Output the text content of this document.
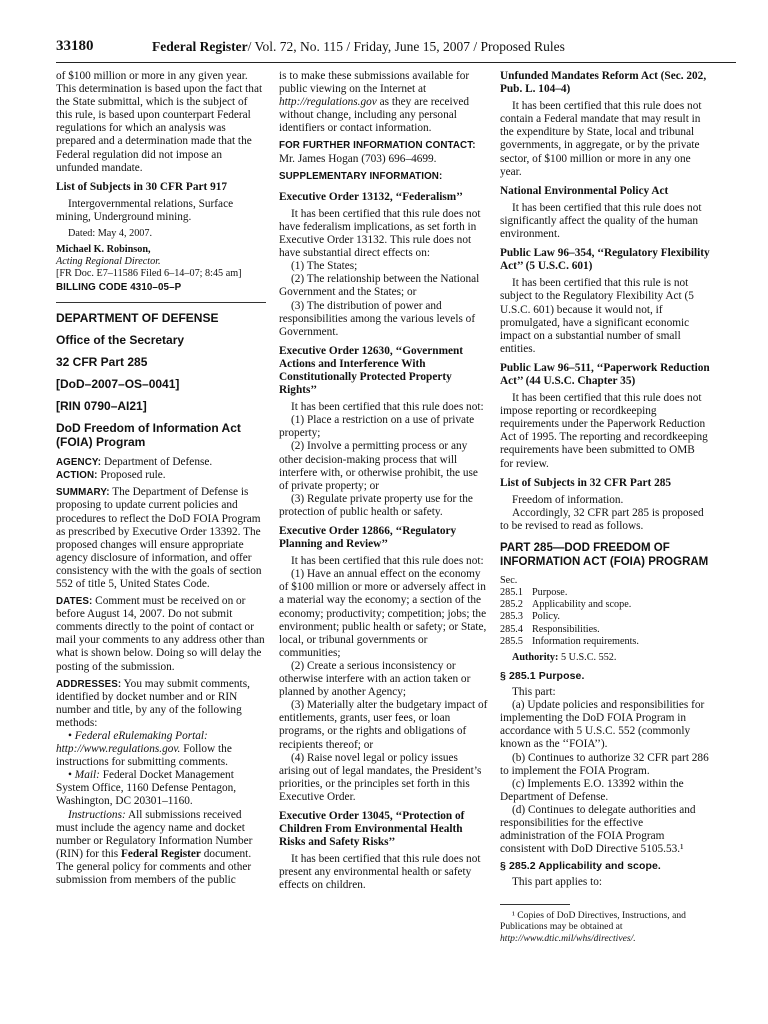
33180	Federal Register/ Vol. 72, No. 115 / Friday, June 15, 2007 / Proposed Rules

of $100 million or more in any given year. This determination is based upon the fact that the State submittal, which is the subject of this rule, is based upon counterpart Federal regulations for which an analysis was prepared and a determination made that the Federal regulation did not impose an unfunded mandate.

List of Subjects in 30 CFR Part 917

Intergovernmental relations, Surface mining, Underground mining.

Dated: May 4, 2007.

Michael K. Robinson,

Acting Regional Director.

[FR Doc. E7–11586 Filed 6–14–07; 8:45 am]

BILLING CODE 4310–05–P

DEPARTMENT OF DEFENSE

Office of the Secretary

32 CFR Part 285

[DoD–2007–OS–0041]

[RIN 0790–AI21]

DoD Freedom of Information Act (FOIA) Program

AGENCY: Department of Defense.

ACTION: Proposed rule.

SUMMARY: The Department of Defense is proposing to update current policies and procedures to reflect the DoD FOIA Program as prescribed by Executive Order 13392. The proposed changes will ensure appropriate agency disclosure of information, and offer consistency with the with the goals of section 552 of title 5, United States Code.

DATES: Comment must be received on or before August 14, 2007. Do not submit comments directly to the point of contact or mail your comments to any address other than what is shown below. Doing so will delay the posting of the submission.

ADDRESSES: You may submit comments, identified by docket number and or RIN number and title, by any of the following methods:

• Federal eRulemaking Portal: http://www.regulations.gov. Follow the instructions for submitting comments.

• Mail: Federal Docket Management System Office, 1160 Defense Pentagon, Washington, DC 20301–1160.

Instructions: All submissions received must include the agency name and docket number or Regulatory Information Number (RIN) for this Federal Register document. The general policy for comments and other submission from members of the public

is to make these submissions available for public viewing on the Internet at http://regulations.gov as they are received without change, including any personal identifiers or contact information.

FOR FURTHER INFORMATION CONTACT: Mr. James Hogan (703) 696–4699.

SUPPLEMENTARY INFORMATION:

Executive Order 13132, ‘‘Federalism’’

It has been certified that this rule does not have federalism implications, as set forth in Executive Order 13132. This rule does not have substantial direct effects on:

(1) The States;

(2) The relationship between the National Government and the States; or

(3) The distribution of power and responsibilities among the various levels of Government.

Executive Order 12630, ‘‘Government Actions and Interference With Constitutionally Protected Property Rights’’

It has been certified that this rule does not:

(1) Place a restriction on a use of private property;

(2) Involve a permitting process or any other decision-making process that will interfere with, or otherwise prohibit, the use of private property; or

(3) Regulate private property use for the protection of public health or safety.

Executive Order 12866, ‘‘Regulatory Planning and Review’’

It has been certified that this rule does not:

(1) Have an annual effect on the economy of $100 million or more or adversely affect in a material way the economy; a section of the economy; productivity; competition; jobs; the environment; public health or safety; or State, local, or tribunal governments or communities;

(2) Create a serious inconsistency or otherwise interfere with an action taken or planned by another Agency;

(3) Materially alter the budgetary impact of entitlements, grants, user fees, or loan programs, or the rights and obligations of recipients thereof; or

(4) Raise novel legal or policy issues arising out of legal mandates, the President’s priorities, or the principles set forth in this Executive Order.

Executive Order 13045, ‘‘Protection of Children From Environmental Health Risks and Safety Risks’’

It has been certified that this rule does not present any environmental health or safety effects on children.

Unfunded Mandates Reform Act (Sec. 202, Pub. L. 104–4)

It has been certified that this rule does not contain a Federal mandate that may result in the expenditure by State, local and tribunal governments, in aggregate, or by the private sector, of $100 million or more in any one year.

National Environmental Policy Act

It has been certified that this rule does not significantly affect the quality of the human environment.

Public Law 96–354, ‘‘Regulatory Flexibility Act’’ (5 U.S.C. 601)

It has been certified that this rule is not subject to the Regulatory Flexibility Act (5 U.S.C. 601) because it would not, if promulgated, have a significant economic impact on a substantial number of small entities.

Public Law 96–511, ‘‘Paperwork Reduction Act’’ (44 U.S.C. Chapter 35)

It has been certified that this rule does not impose reporting or recordkeeping requirements under the Paperwork Reduction Act of 1995. The reporting and recordkeeping requirements have been submitted to OMB for review.

List of Subjects in 32 CFR Part 285

Freedom of information.

Accordingly, 32 CFR part 285 is proposed to be revised to read as follows.

PART 285—DOD FREEDOM OF INFORMATION ACT (FOIA) PROGRAM

Sec.

285.1 Purpose.
285.2 Applicability and scope.
285.3 Policy.
285.4 Responsibilities.
285.5 Information requirements.

Authority: 5 U.S.C. 552.

§ 285.1 Purpose.

This part:

(a) Update policies and responsibilities for implementing the DoD FOIA Program in accordance with 5 U.S.C. 552 (commonly known as the ‘‘FOIA’’).

(b) Continues to authorize 32 CFR part 286 to implement the FOIA Program.

(c) Implements E.O. 13392 within the Department of Defense.

(d) Continues to delegate authorities and responsibilities for the effective administration of the FOIA Program consistent with DoD Directive 5105.53.¹

§ 285.2 Applicability and scope.

This part applies to:

¹ Copies of DoD Directives, Instructions, and Publications may be obtained at http://www.dtic.mil/whs/directives/.
